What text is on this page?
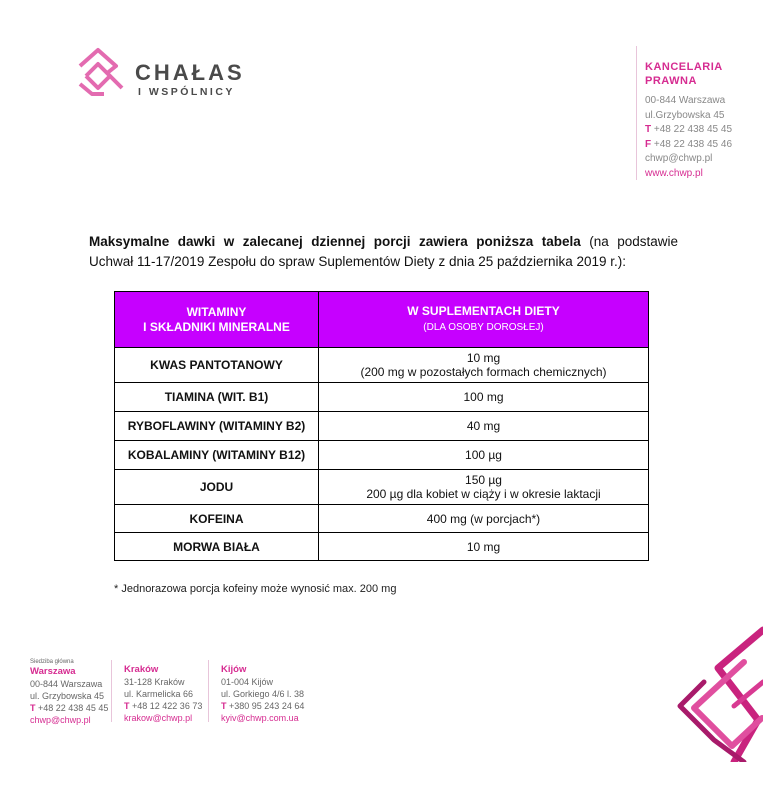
CHAŁAS
I WSPÓLNICY
KANCELARIA
PRAWNA
00-844 Warszawa
ul.Grzybowska 45
T +48 22 438 45 45
F +48 22 438 45 46
chwp@chwp.pl
www.chwp.pl

Maksymalne dawki w zalecanej dziennej porcji zawiera poniższa tabela (na podstawie Uchwał 11-17/2019 Zespołu do spraw Suplementów Diety z dnia 25 października 2019 r.):

WITAMINY
I SKŁADNIKI MINERALNE	W SUPLEMENTACH DIETY
(DLA OSOBY DOROSŁEJ)
KWAS PANTOTANOWY	10 mg
(200 mg w pozostałych formach chemicznych)
TIAMINA (WIT. B1)	100 mg
RYBOFLAWINY (WITAMINY B2)	40 mg
KOBALAMINY (WITAMINY B12)	100 µg
JODU	150 µg
200 µg dla kobiet w ciąży i w okresie laktacji
KOFEINA	400 mg (w porcjach*)
MORWA BIAŁA	10 mg
* Jednorazowa porcja kofeiny może wynosić max. 200 mg
Siedziba główna
Warszawa
00-844 Warszawa
ul. Grzybowska 45
T +48 22 438 45 45
chwp@chwp.pl
Kraków
31-128 Kraków
ul. Karmelicka 66
T +48 12 422 36 73
krakow@chwp.pl
Kijów
01-004 Kijów
ul. Gorkiego 4/6 l. 38
T +380 95 243 24 64
kyiv@chwp.com.ua
